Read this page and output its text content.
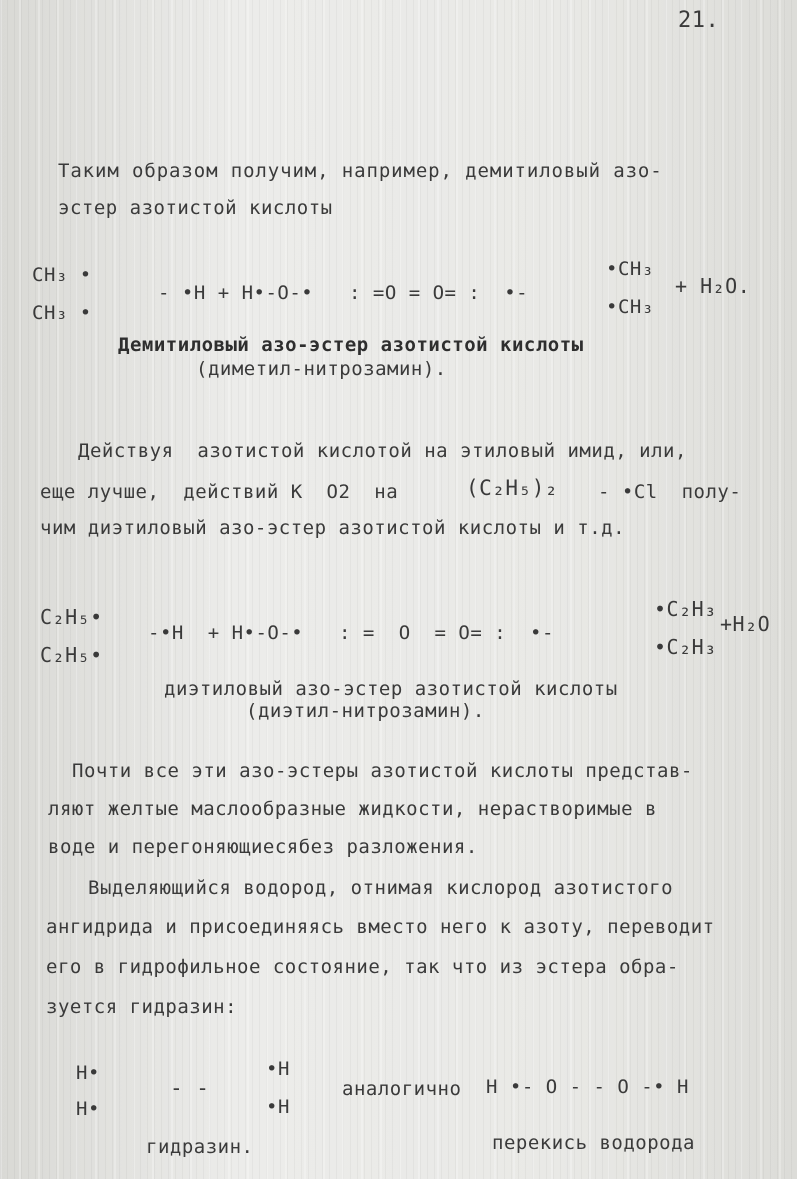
21.
Таким образом получим, например, демитиловый азо-
эстер азотистой кислоты
CH₃ •
CH₃ •
- •H + H•-O-•   : =O = O= :  •-
•CH₃
•CH₃
+ H₂O.
Демитиловый азо-эстер азотистой кислоты
(диметил-нитрозамин).
Действуя  азотистой кислотой на этиловый имид, или,
еще лучше,  действий К  O2  на	(C₂H₅)₂ - •Cl  полу-
чим диэтиловый азо-эстер азотистой кислоты и т.д.
C₂H₅•
C₂H₅•
-•H  + H•-O-•   : =  O  = O= :  •-
•C₂H₃
•C₂H₃
+H₂O
диэтиловый азо-эстер азотистой кислоты
(диэтил-нитрозамин).
Почти все эти азо-эстеры азотистой кислоты представ-
ляют желтые маслообразные жидкости, нерастворимые в
воде и перегоняющиесябез разложения.
Выделяющийся водород, отнимая кислород азотистого
ангидрида и присоединяясь вместо него к азоту, переводит
его в гидрофильное состояние, так что из эстера обра-
зуется гидразин:
H•
H•
- -
•H
•H
аналогично H •- O - - O -• H
гидразин.	перекись водорода
